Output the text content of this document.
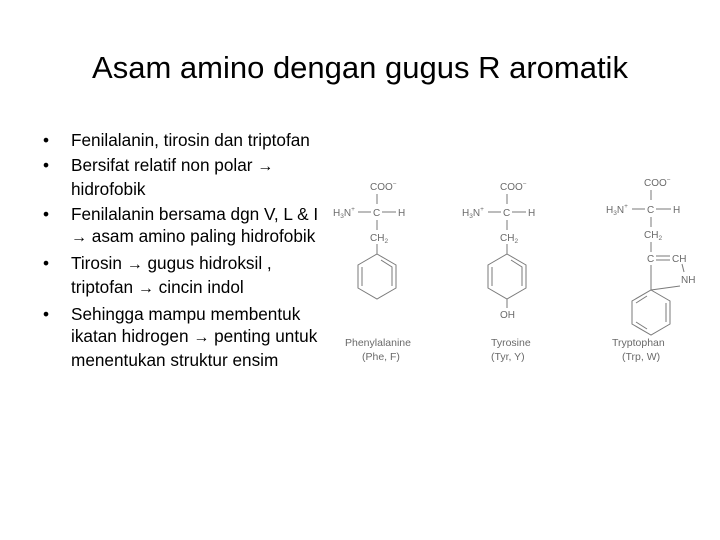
Asam amino dengan gugus R aromatik
•	Fenilalanin, tirosin dan triptofan
•	Bersifat relatif non polar → hidrofobik
•	Fenilalanin bersama dgn V, L & I → asam amino paling hidrofobik
•	Tirosin → gugus hidroksil , triptofan → cincin indol
•	Sehingga mampu membentuk ikatan hidrogen → penting untuk menentukan struktur ensim
COO−
$H_3N^+$ C H
$CH_2$
Phenylalanine
(Phe, F)
COO−
$H_3N^+$ C H
$CH_2$
OH
Tyrosine
(Tyr, Y)
COO−
$H_3N^+$ C H
$CH_2$
C CH
NH
Tryptophan
(Trp, W)
